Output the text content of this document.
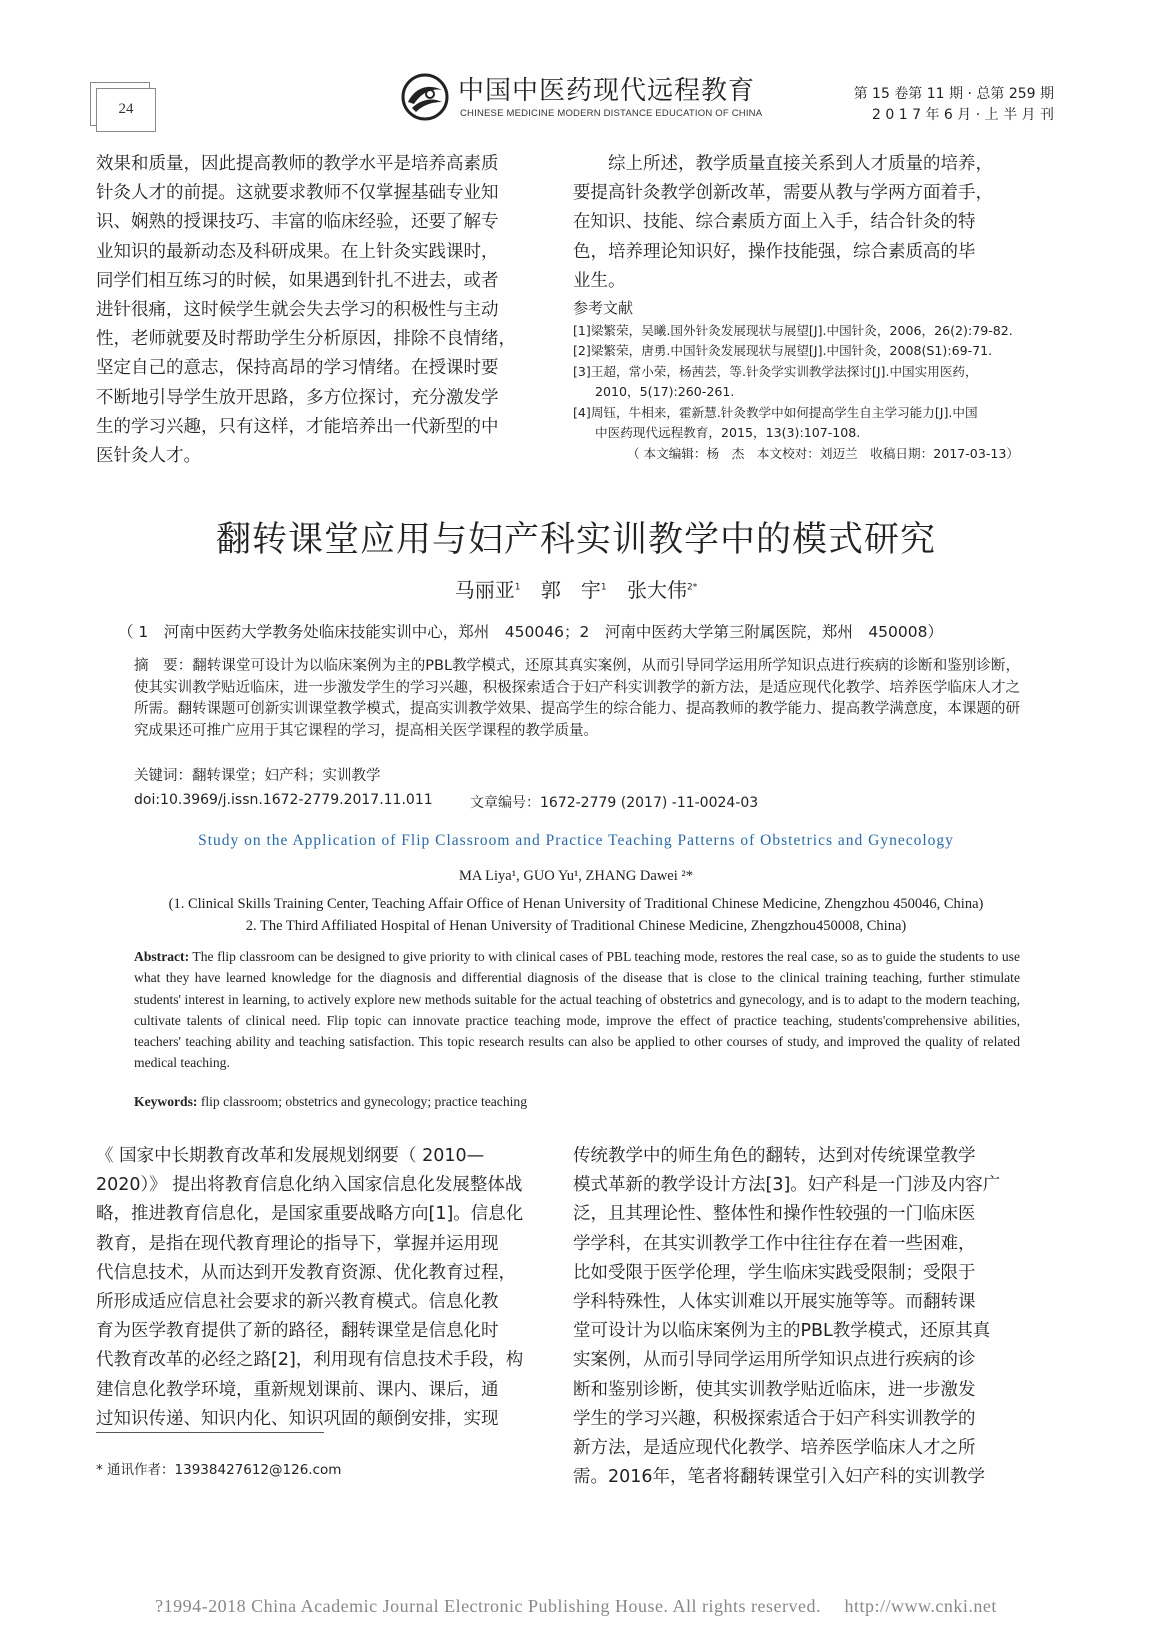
24
中国中医药现代远程教育
CHINESE MEDICINE MODERN DISTANCE EDUCATION OF CHINA
第 15 卷第 11 期 · 总第 259 期
2 0 1 7 年 6 月 · 上 半 月 刊

效果和质量，因此提高教师的教学水平是培养高素质

针灸人才的前提。这就要求教师不仅掌握基础专业知

识、娴熟的授课技巧、丰富的临床经验，还要了解专

业知识的最新动态及科研成果。在上针灸实践课时，

同学们相互练习的时候，如果遇到针扎不进去，或者

进针很痛，这时候学生就会失去学习的积极性与主动

性，老师就要及时帮助学生分析原因，排除不良情绪，

坚定自己的意志，保持高昂的学习情绪。在授课时要

不断地引导学生放开思路，多方位探讨，充分激发学

生的学习兴趣，只有这样，才能培养出一代新型的中

医针灸人才。

　　综上所述，教学质量直接关系到人才质量的培养，

要提高针灸教学创新改革，需要从教与学两方面着手，

在知识、技能、综合素质方面上入手，结合针灸的特

色，培养理论知识好，操作技能强，综合素质高的毕

业生。

参考文献
[1]梁繁荣，吴曦.国外针灸发展现状与展望[J].中国针灸，2006，26(2):79-82.
[2]梁繁荣，唐勇.中国针灸发展现状与展望[J].中国针灸，2008(S1):69-71.
[3]王超，常小荣，杨茜芸，等.针灸学实训教学法探讨[J].中国实用医药，
2010，5(17):260-261.
[4]周钰，牛相来，霍新慧.针灸教学中如何提高学生自主学习能力[J].中国
中医药现代远程教育，2015，13(3):107-108.
（ 本文编辑：杨　杰　本文校对：刘迈兰　收稿日期：2017-03-13）
翻转课堂应用与妇产科实训教学中的模式研究
马丽亚$^1$ 郭　宇$^1$ 张大伟$^{2*}$
（ 1　河南中医药大学教务处临床技能实训中心，郑州　450046；2　河南中医药大学第三附属医院，郑州　450008）
摘　要：翻转课堂可设计为以临床案例为主的PBL教学模式，还原其真实案例，从而引导同学运用所学知识点进行疾病的诊断和鉴别诊断，使其实训教学贴近临床，进一步激发学生的学习兴趣，积极探索适合于妇产科实训教学的新方法，是适应现代化教学、培养医学临床人才之所需。翻转课题可创新实训课堂教学模式，提高实训教学效果、提高学生的综合能力、提高教师的教学能力、提高教学满意度，本课题的研究成果还可推广应用于其它课程的学习，提高相关医学课程的教学质量。
关键词：翻转课堂；妇产科；实训教学
doi:10.3969/j.issn.1672-2779.2017.11.011	文章编号：1672-2779 (2017) -11-0024-03
Study on the Application of Flip Classroom and Practice Teaching Patterns of Obstetrics and Gynecology
MA Liya¹, GUO Yu¹, ZHANG Dawei ²*
(1. Clinical Skills Training Center, Teaching Affair Office of Henan University of Traditional Chinese Medicine, Zhengzhou 450046, China)
2. The Third Affiliated Hospital of Henan University of Traditional Chinese Medicine, Zhengzhou450008, China)
Abstract: The flip classroom can be designed to give priority to with clinical cases of PBL teaching mode, restores the real case, so as to guide the students to use what they have learned knowledge for the diagnosis and differential diagnosis of the disease that is close to the clinical training teaching, further stimulate students' interest in learning, to actively explore new methods suitable for the actual teaching of obstetrics and gynecology, and is to adapt to the modern teaching, cultivate talents of clinical need. Flip topic can innovate practice teaching mode, improve the effect of practice teaching, students'comprehensive abilities, teachers' teaching ability and teaching satisfaction. This topic research results can also be applied to other courses of study, and improved the quality of related medical teaching.
Keywords: flip classroom; obstetrics and gynecology; practice teaching

《 国家中长期教育改革和发展规划纲要（ 2010—

2020）》 提出将教育信息化纳入国家信息化发展整体战

略，推进教育信息化，是国家重要战略方向[1]。信息化

教育，是指在现代教育理论的指导下，掌握并运用现

代信息技术，从而达到开发教育资源、优化教育过程，

所形成适应信息社会要求的新兴教育模式。信息化教

育为医学教育提供了新的路径，翻转课堂是信息化时

代教育改革的必经之路[2]，利用现有信息技术手段，构

建信息化教学环境，重新规划课前、课内、课后，通

过知识传递、知识内化、知识巩固的颠倒安排，实现

传统教学中的师生角色的翻转，达到对传统课堂教学

模式革新的教学设计方法[3]。妇产科是一门涉及内容广

泛，且其理论性、整体性和操作性较强的一门临床医

学学科，在其实训教学工作中往往存在着一些困难，

比如受限于医学伦理，学生临床实践受限制；受限于

学科特殊性，人体实训难以开展实施等等。而翻转课

堂可设计为以临床案例为主的PBL教学模式，还原其真

实案例，从而引导同学运用所学知识点进行疾病的诊

断和鉴别诊断，使其实训教学贴近临床，进一步激发

学生的学习兴趣，积极探索适合于妇产科实训教学的

新方法，是适应现代化教学、培养医学临床人才之所

需。2016年，笔者将翻转课堂引入妇产科的实训教学

* 通讯作者：13938427612@126.com
?1994-2018 China Academic Journal Electronic Publishing House. All rights reserved.　 http://www.cnki.net
